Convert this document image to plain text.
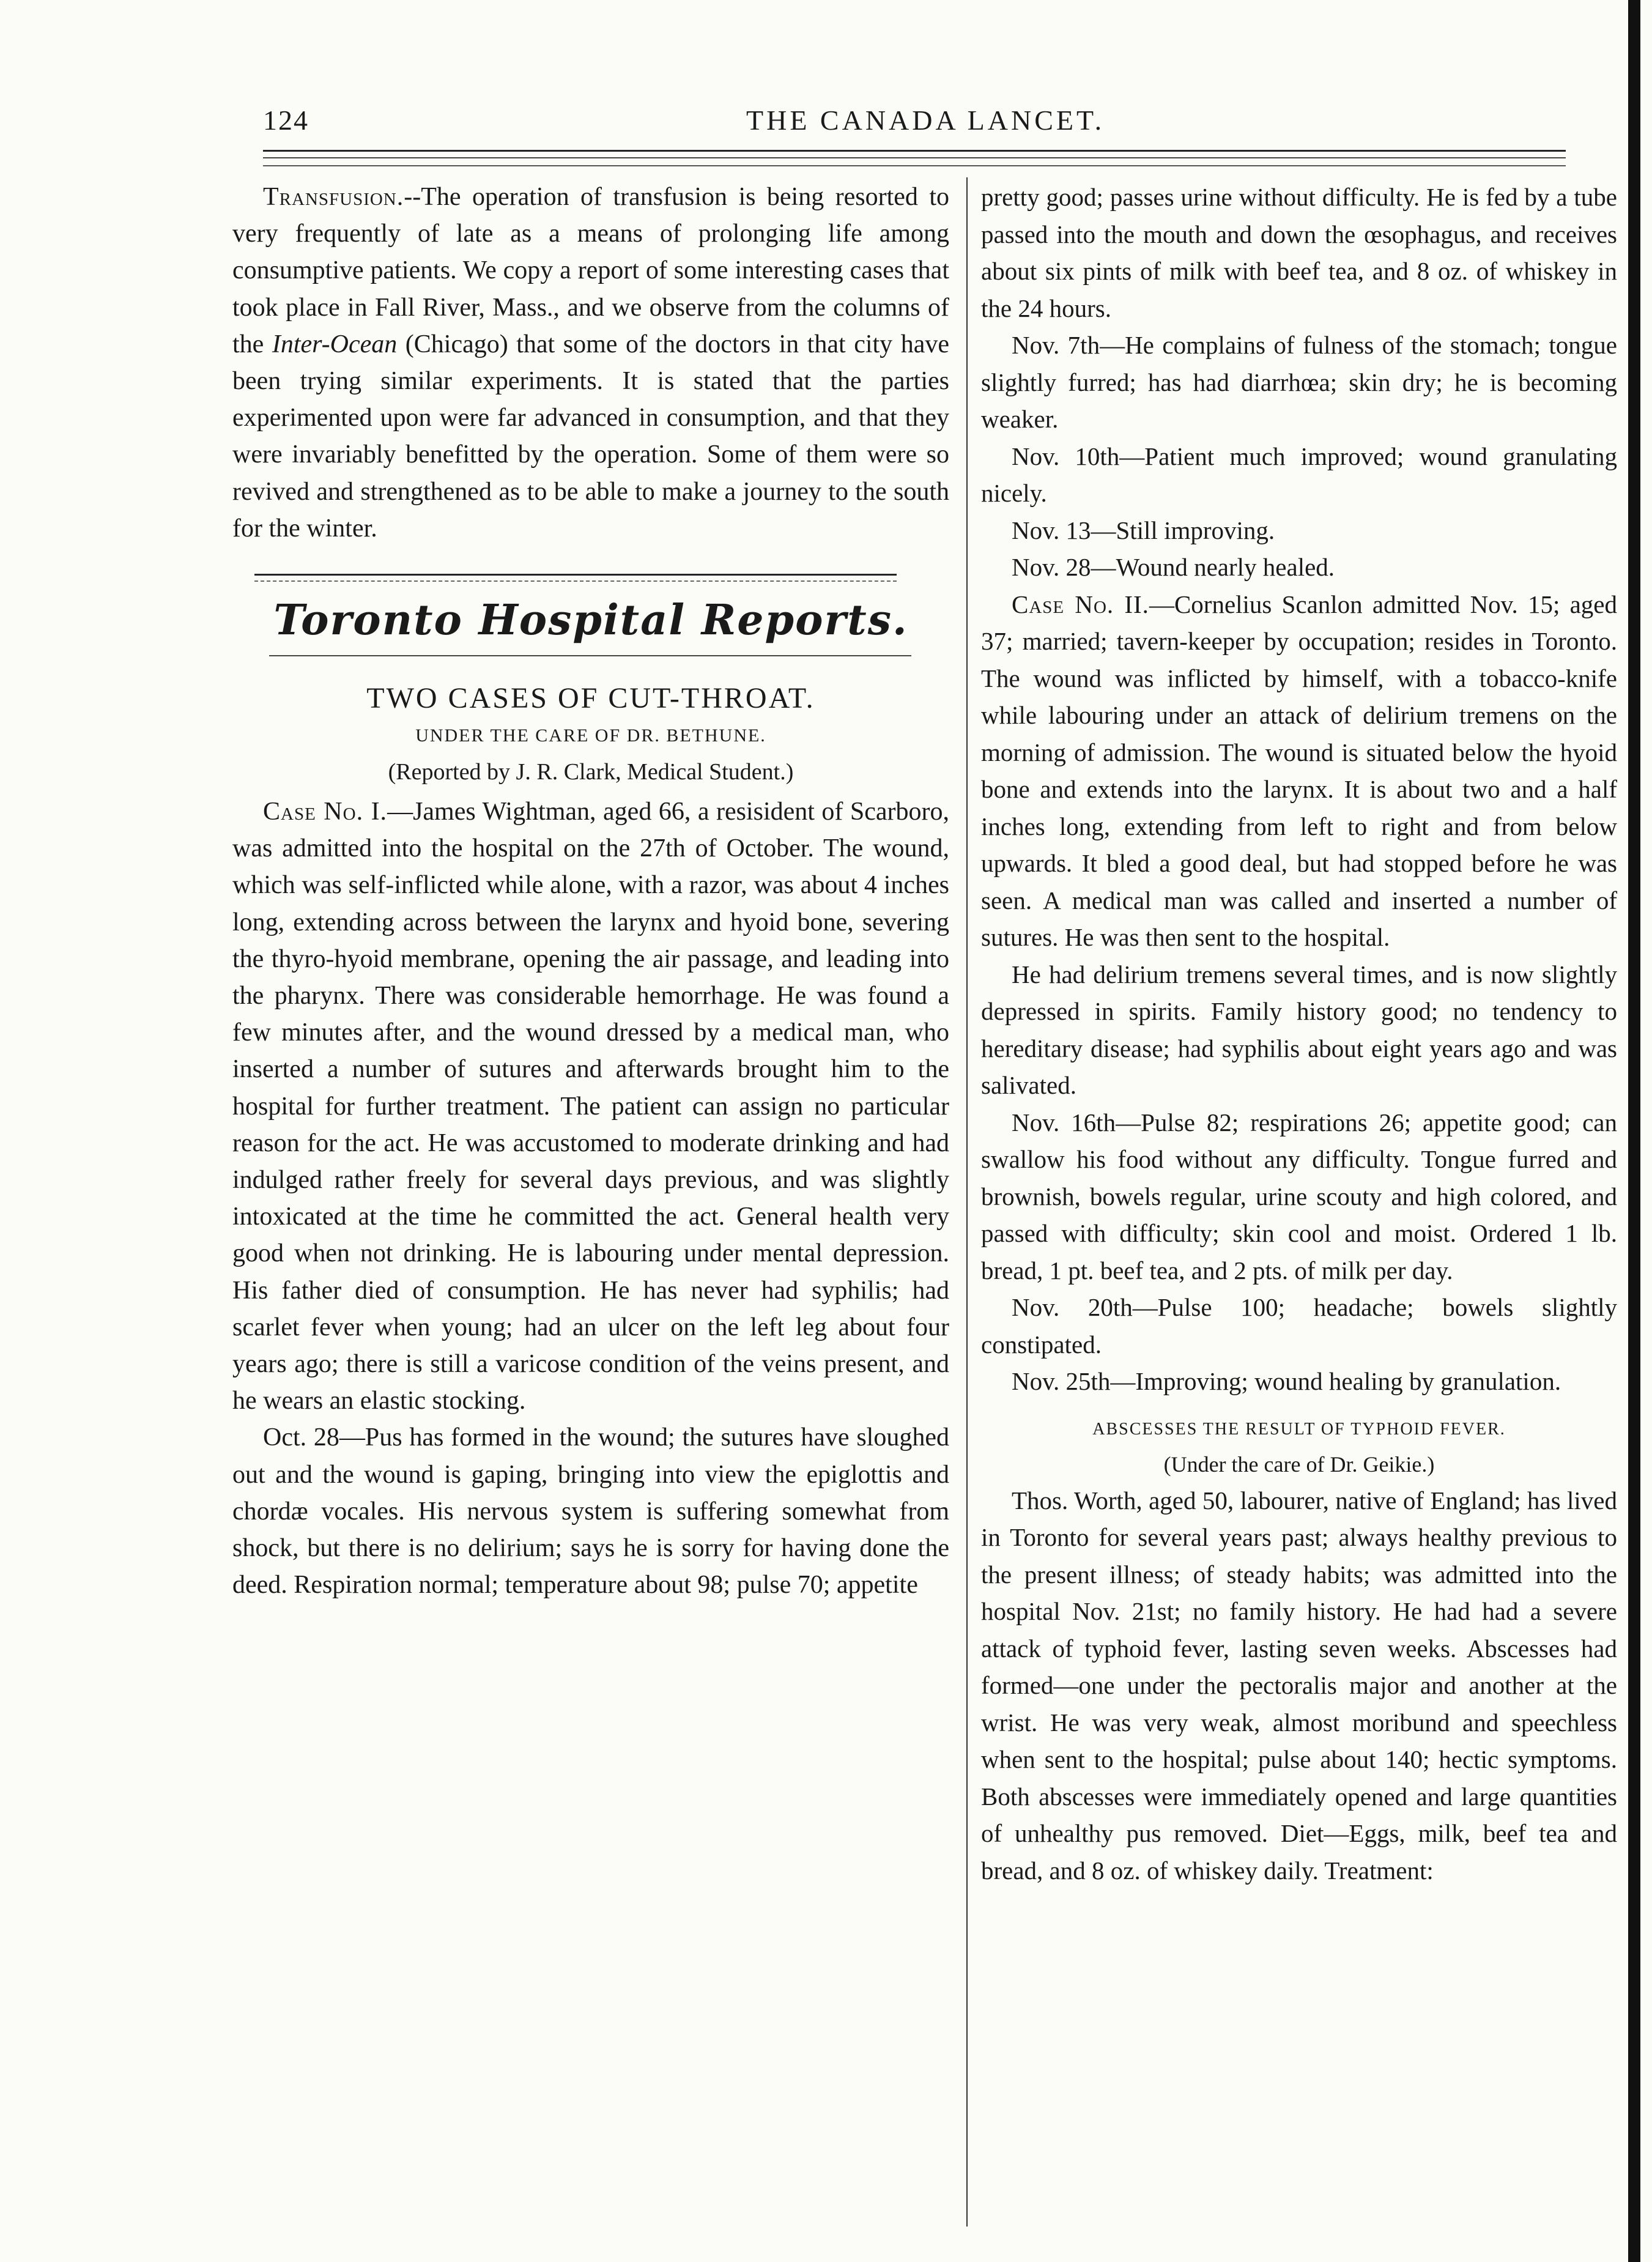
124	THE CANADA LANCET.

Transfusion.--The operation of transfusion is being resorted to very frequently of late as a means of prolonging life among consumptive patients. We copy a report of some interesting cases that took place in Fall River, Mass., and we observe from the columns of the Inter-Ocean (Chicago) that some of the doctors in that city have been trying similar experiments. It is stated that the parties experimented upon were far advanced in consumption, and that they were invariably benefitted by the operation. Some of them were so revived and strengthened as to be able to make a journey to the south for the winter.

Toronto Hospital Reports.
TWO CASES OF CUT-THROAT.
UNDER THE CARE OF DR. BETHUNE.
(Reported by J. R. Clark, Medical Student.)

Case No. I.—James Wightman, aged 66, a resisident of Scarboro, was admitted into the hospital on the 27th of October. The wound, which was self-inflicted while alone, with a razor, was about 4 inches long, extending across between the larynx and hyoid bone, severing the thyro-hyoid membrane, opening the air passage, and leading into the pharynx. There was considerable hemorrhage. He was found a few minutes after, and the wound dressed by a medical man, who inserted a number of sutures and afterwards brought him to the hospital for further treatment. The patient can assign no particular reason for the act. He was accustomed to moderate drinking and had indulged rather freely for several days previous, and was slightly intoxicated at the time he committed the act. General health very good when not drinking. He is labouring under mental depression. His father died of consumption. He has never had syphilis; had scarlet fever when young; had an ulcer on the left leg about four years ago; there is still a varicose condition of the veins present, and he wears an elastic stocking.

Oct. 28—Pus has formed in the wound; the sutures have sloughed out and the wound is gaping, bringing into view the epiglottis and chordæ vocales. His nervous system is suffering somewhat from shock, but there is no delirium; says he is sorry for having done the deed. Respiration normal; temperature about 98; pulse 70; appetite

pretty good; passes urine without difficulty. He is fed by a tube passed into the mouth and down the œsophagus, and receives about six pints of milk with beef tea, and 8 oz. of whiskey in the 24 hours.

Nov. 7th—He complains of fulness of the stomach; tongue slightly furred; has had diarrhœa; skin dry; he is becoming weaker.

Nov. 10th—Patient much improved; wound granulating nicely.

Nov. 13—Still improving.

Nov. 28—Wound nearly healed.

Case No. II.—Cornelius Scanlon admitted Nov. 15; aged 37; married; tavern-keeper by occupation; resides in Toronto. The wound was inflicted by himself, with a tobacco-knife while labouring under an attack of delirium tremens on the morning of admission. The wound is situated below the hyoid bone and extends into the larynx. It is about two and a half inches long, extending from left to right and from below upwards. It bled a good deal, but had stopped before he was seen. A medical man was called and inserted a number of sutures. He was then sent to the hospital.

He had delirium tremens several times, and is now slightly depressed in spirits. Family history good; no tendency to hereditary disease; had syphilis about eight years ago and was salivated.

Nov. 16th—Pulse 82; respirations 26; appetite good; can swallow his food without any difficulty. Tongue furred and brownish, bowels regular, urine scouty and high colored, and passed with difficulty; skin cool and moist. Ordered 1 lb. bread, 1 pt. beef tea, and 2 pts. of milk per day.

Nov. 20th—Pulse 100; headache; bowels slightly constipated.

Nov. 25th—Improving; wound healing by granulation.

ABSCESSES THE RESULT OF TYPHOID FEVER.
(Under the care of Dr. Geikie.)

Thos. Worth, aged 50, labourer, native of England; has lived in Toronto for several years past; always healthy previous to the present illness; of steady habits; was admitted into the hospital Nov. 21st; no family history. He had had a severe attack of typhoid fever, lasting seven weeks. Abscesses had formed—one under the pectoralis major and another at the wrist. He was very weak, almost moribund and speechless when sent to the hospital; pulse about 140; hectic symptoms. Both abscesses were immediately opened and large quantities of unhealthy pus removed. Diet—Eggs, milk, beef tea and bread, and 8 oz. of whiskey daily. Treatment:
